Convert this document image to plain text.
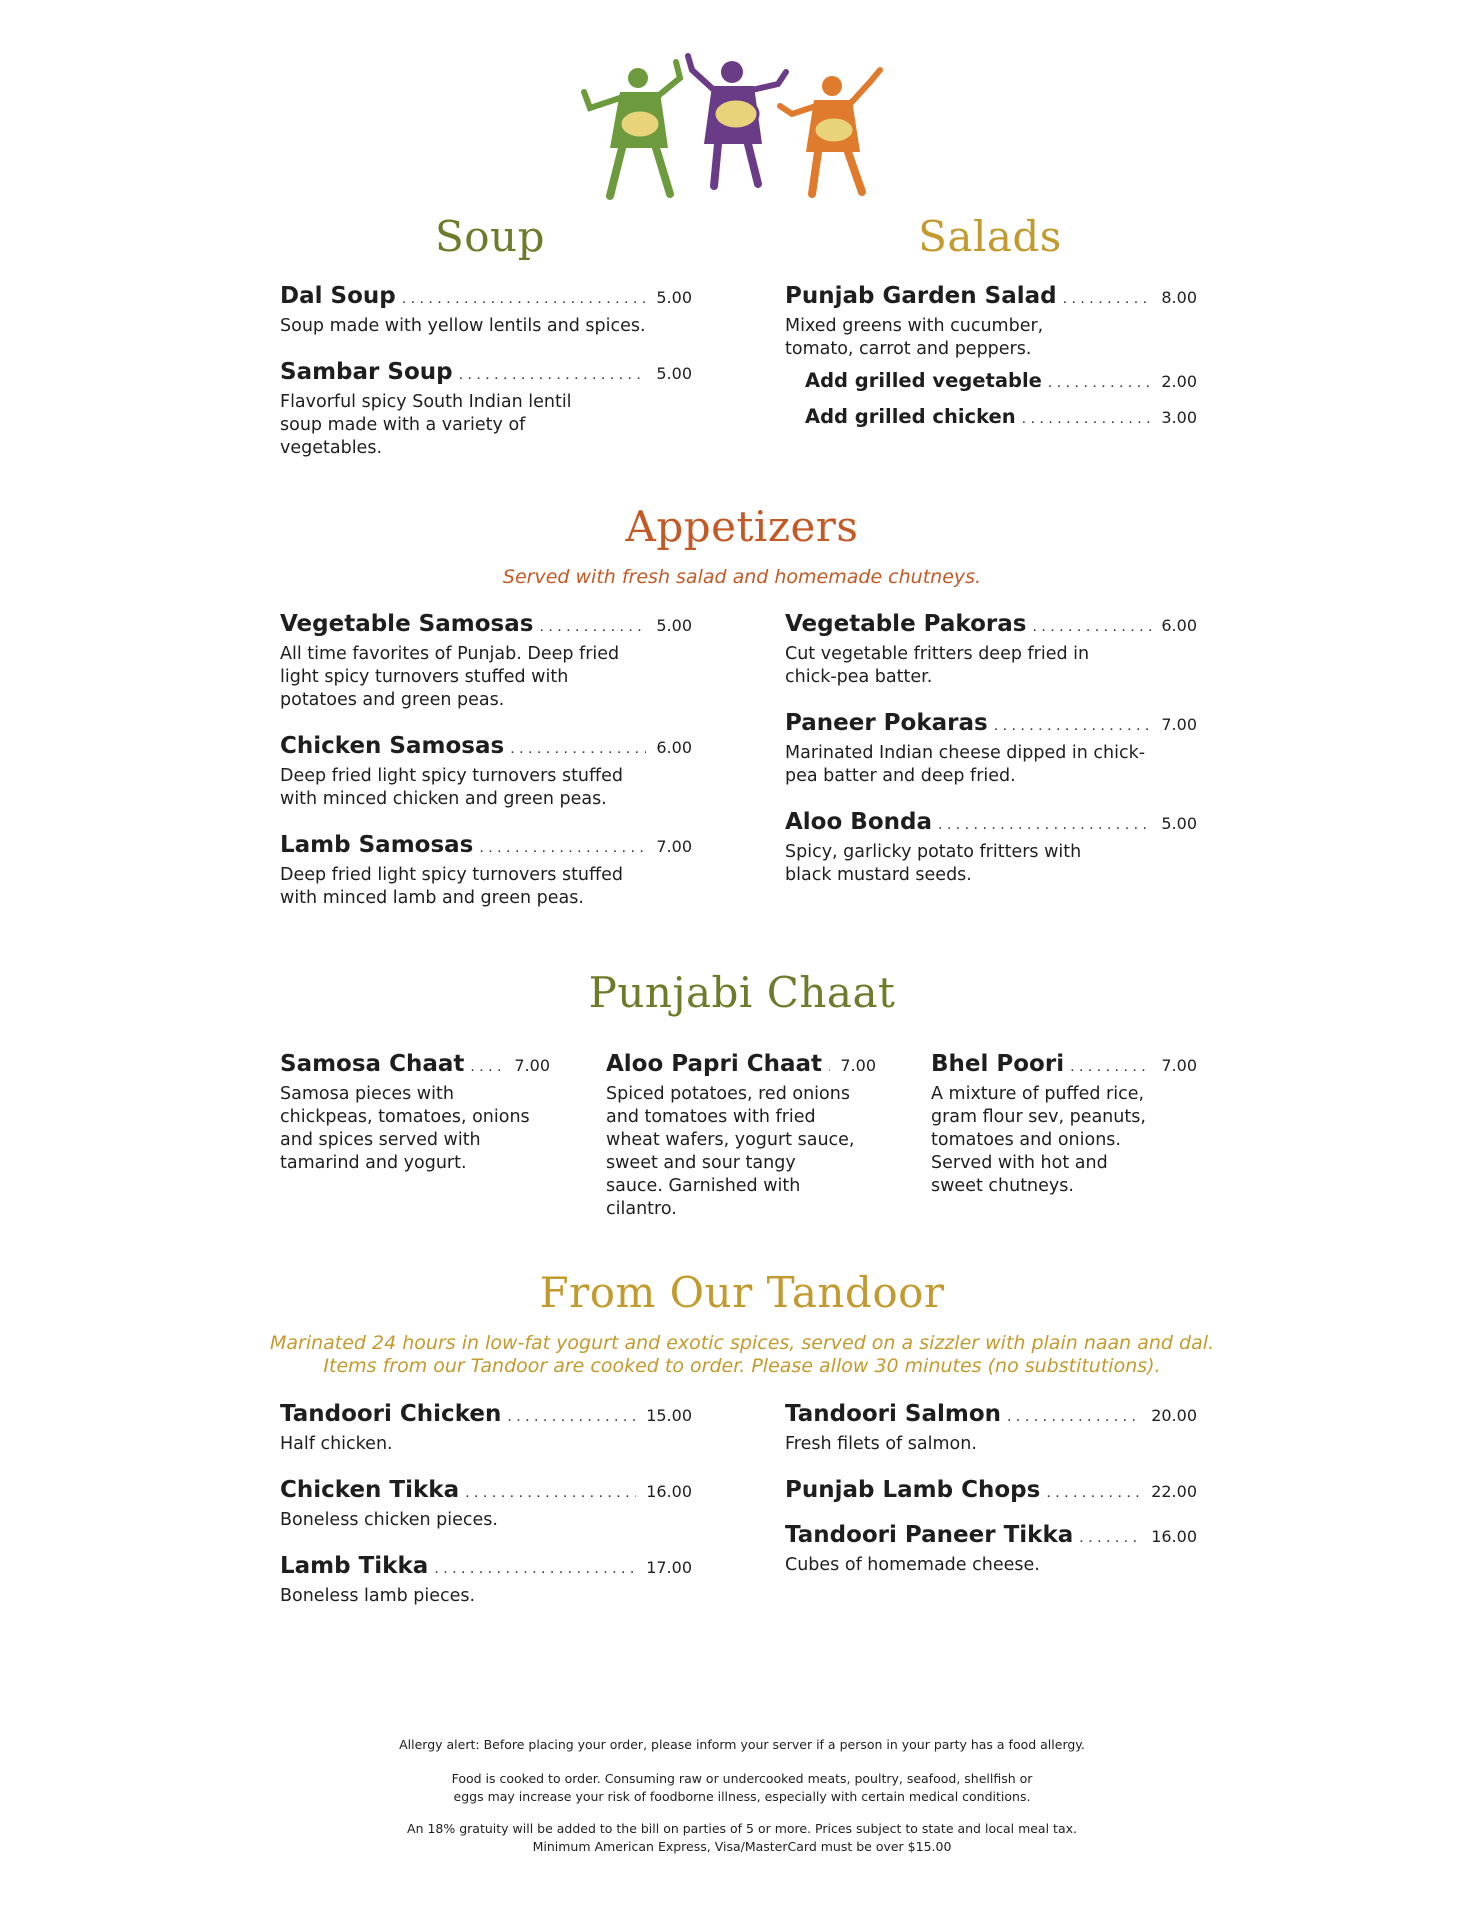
Soup	Salads
Dal Soup . . .	5.00
Soup made with yellow lentils and spices.
Sambar Soup . . .	5.00
Flavorful spicy South Indian lentil soup made with a variety of vegetables.
Punjab Garden Salad . . .	8.00
Mixed greens with cucumber, tomato, carrot and peppers.
Add grilled vegetable . . .	2.00
Add grilled chicken . . .	3.00
Appetizers

Served with fresh salad and homemade chutneys.

Vegetable Samosas . . .	5.00
All time favorites of Punjab. Deep fried light spicy turnovers stuffed with potatoes and green peas.
Chicken Samosas . . .	6.00
Deep fried light spicy turnovers stuffed with minced chicken and green peas.
Lamb Samosas . . .	7.00
Deep fried light spicy turnovers stuffed with minced lamb and green peas.
Vegetable Pakoras . . .	6.00
Cut vegetable fritters deep fried in chick-pea batter.
Paneer Pokaras . . .	7.00
Marinated Indian cheese dipped in chick-pea batter and deep fried.
Aloo Bonda . . .	5.00
Spicy, garlicky potato fritters with black mustard seeds.
Punjabi Chaat
Samosa Chaat . . .	7.00
Samosa pieces with chickpeas, tomatoes, onions and spices served with tamarind and yogurt.
Aloo Papri Chaat . . . 7.00
Spiced potatoes, red onions and tomatoes with fried wheat wafers, yogurt sauce, sweet and sour tangy sauce. Garnished with cilantro.
Bhel Poori . . .	7.00
A mixture of puffed rice, gram flour sev, peanuts, tomatoes and onions. Served with hot and sweet chutneys.
From Our Tandoor

Marinated 24 hours in low-fat yogurt and exotic spices, served on a sizzler with plain naan and dal.

Items from our Tandoor are cooked to order. Please allow 30 minutes (no substitutions).

Tandoori Chicken . . .	15.00
Half chicken.
Chicken Tikka . . .	16.00
Boneless chicken pieces.
Lamb Tikka . . .	17.00
Boneless lamb pieces.
Tandoori Salmon . . .	20.00
Fresh filets of salmon.
Punjab Lamb Chops . . .	22.00
Tandoori Paneer Tikka . . .	16.00
Cubes of homemade cheese.

Allergy alert: Before placing your order, please inform your server if a person in your party has a food allergy.

Food is cooked to order. Consuming raw or undercooked meats, poultry, seafood, shellfish or
eggs may increase your risk of foodborne illness, especially with certain medical conditions.

An 18% gratuity will be added to the bill on parties of 5 or more. Prices subject to state and local meal tax.
Minimum American Express, Visa/MasterCard must be over $15.00
